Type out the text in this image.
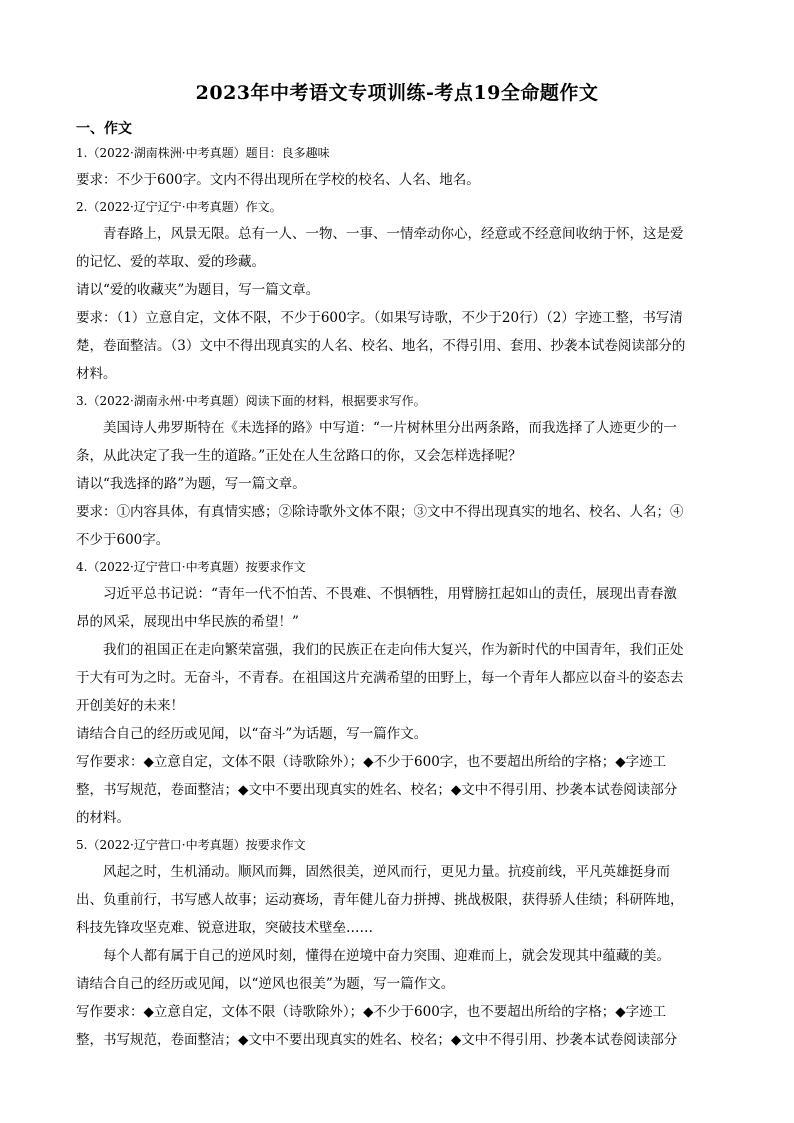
2023年中考语文专项训练-考点19全命题作文
一、作文
1.（2022·湖南株洲·中考真题）题目：良多趣味
要求：不少于600字。文内不得出现所在学校的校名、人名、地名。
2.（2022·辽宁辽宁·中考真题）作文。
青春路上，风景无限。总有一人、一物、一事、一情牵动你心，经意或不经意间收纳于怀，这是爱
的记忆、爱的萃取、爱的珍藏。
请以“爱的收藏夹”为题目，写一篇文章。
要求：（1）立意自定，文体不限，不少于600字。（如果写诗歌，不少于20行）（2）字迹工整，书写清
楚，卷面整洁。（3）文中不得出现真实的人名、校名、地名，不得引用、套用、抄袭本试卷阅读部分的
材料。
3.（2022·湖南永州·中考真题）阅读下面的材料，根据要求写作。
美国诗人弗罗斯特在《未选择的路》中写道：“一片树林里分出两条路，而我选择了人迹更少的一
条，从此决定了我一生的道路。”正处在人生岔路口的你，又会怎样选择呢？
请以“我选择的路”为题，写一篇文章。
要求：①内容具体，有真情实感；②除诗歌外文体不限；③文中不得出现真实的地名、校名、人名；④
不少于600字。
4.（2022·辽宁营口·中考真题）按要求作文
习近平总书记说：“青年一代不怕苦、不畏难、不惧牺牲，用臂膀扛起如山的责任，展现出青春激
昂的风采，展现出中华民族的希望！”
我们的祖国正在走向繁荣富强，我们的民族正在走向伟大复兴，作为新时代的中国青年，我们正处
于大有可为之时。无奋斗，不青春。在祖国这片充满希望的田野上，每一个青年人都应以奋斗的姿态去
开创美好的未来！
请结合自己的经历或见闻，以“奋斗”为话题，写一篇作文。
写作要求：◆立意自定，文体不限（诗歌除外）；◆不少于600字，也不要超出所给的字格；◆字迹工
整，书写规范，卷面整洁；◆文中不要出现真实的姓名、校名；◆文中不得引用、抄袭本试卷阅读部分
的材料。
5.（2022·辽宁营口·中考真题）按要求作文
风起之时，生机涌动。顺风而舞，固然很美，逆风而行，更见力量。抗疫前线，平凡英雄挺身而
出、负重前行，书写感人故事；运动赛场，青年健儿奋力拼搏、挑战极限，获得骄人佳绩；科研阵地，
科技先锋攻坚克难、锐意进取，突破技术壁垒……
每个人都有属于自己的逆风时刻，懂得在逆境中奋力突围、迎难而上，就会发现其中蕴藏的美。
请结合自己的经历或见闻，以“逆风也很美”为题，写一篇作文。
写作要求：◆立意自定，文体不限（诗歌除外）；◆不少于600字，也不要超出所给的字格；◆字迹工
整，书写规范，卷面整洁；◆文中不要出现真实的姓名、校名；◆文中不得引用、抄袭本试卷阅读部分
